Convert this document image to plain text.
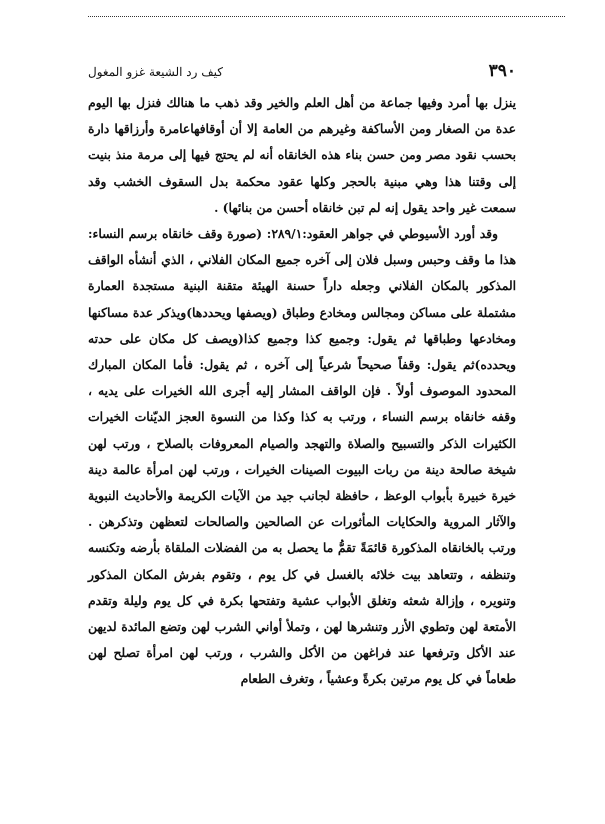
٣٩٠
كيف رد الشيعة غزو المغول

ينزل بها أمرد وفيها جماعة من أهل العلم والخير وقد ذهب ما هنالك فنزل بها اليوم عدة من الصغار ومن الأساكفة وغيرهم من العامة إلا أن أوقافهاعامرة وأرزاقها دارة بحسب نقود مصر ومن حسن بناء هذه الخانقاه أنه لم يحتج فيها إلى مرمة منذ بنيت إلى وقتنا هذا وهي مبنية بالحجر وكلها عقود محكمة بدل السقوف الخشب وقد سمعت غير واحد يقول إنه لم تبن خانقاه أحسن من بنائها) .

وقد أورد الأسيوطي في جواهر العقود:٢٨٩/١: (صورة وقف خانقاه برسم النساء: هذا ما وقف وحبس وسبل فلان إلى آخره جميع المكان الفلاني ، الذي أنشأه الواقف المذكور بالمكان الفلاني وجعله داراً حسنة الهيئة متقنة البنية مستجدة العمارة مشتملة على مساكن ومجالس ومخادع وطباق (ويصفها ويحددها)ويذكر عدة مساكنها ومخادعها وطباقها ثم يقول: وجميع كذا وجميع كذا(ويصف كل مكان على حدته ويحدده)ثم يقول: وقفاً صحيحاً شرعياً إلى آخره ، ثم يقول: فأما المكان المبارك المحدود الموصوف أولاً . فإن الواقف المشار إليه أجرى الله الخيرات على يديه ، وقفه خانقاه برسم النساء ، ورتب به كذا وكذا من النسوة العجز الديّنات الخيرات الكثيرات الذكر والتسبيح والصلاة والتهجد والصيام المعروفات بالصلاح ، ورتب لهن شيخة صالحة دينة من ربات البيوت الصينات الخيرات ، ورتب لهن امرأة عالمة دينة خيرة خبيرة بأبواب الوعظ ، حافظة لجانب جيد من الآيات الكريمة والأحاديث النبوية والآثار المروية والحكايات المأثورات عن الصالحين والصالحات لتعظهن وتذكرهن . ورتب بالخانقاه المذكورة قائمَةً تقمُّ ما يحصل به من الفضلات الملقاة بأرضه وتكنسه وتنظفه ، وتتعاهد بيت خلائه بالغسل في كل يوم ، وتقوم بفرش المكان المذكور وتنويره ، وإزالة شعثه وتغلق الأبواب عشية وتفتحها بكرة في كل يوم وليلة وتقدم الأمتعة لهن وتطوي الأزر وتنشرها لهن ، وتملأ أواني الشرب لهن وتضع المائدة لديهن عند الأكل وترفعها عند فراغهن من الأكل والشرب ، ورتب لهن امرأة تصلح لهن طعاماً في كل يوم مرتين بكرةً وعشياً ، وتغرف الطعام
